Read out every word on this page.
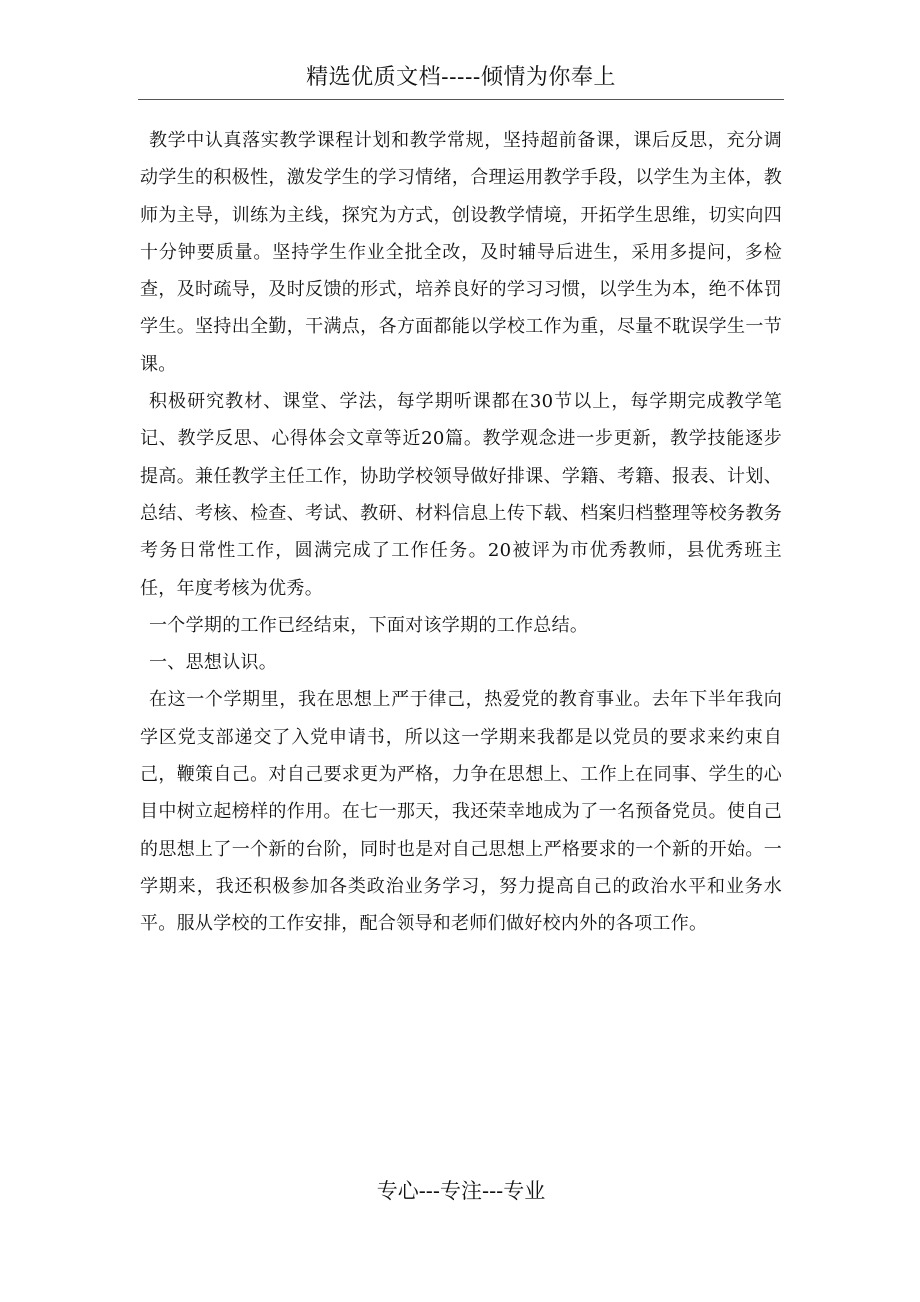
精选优质文档-----倾情为你奉上

教学中认真落实教学课程计划和教学常规，坚持超前备课，课后反思，充分调动学生的积极性，激发学生的学习情绪，合理运用教学手段，以学生为主体，教师为主导，训练为主线，探究为方式，创设教学情境，开拓学生思维，切实向四十分钟要质量。坚持学生作业全批全改，及时辅导后进生，采用多提问，多检查，及时疏导，及时反馈的形式，培养良好的学习习惯，以学生为本，绝不体罚学生。坚持出全勤，干满点，各方面都能以学校工作为重，尽量不耽误学生一节课。

积极研究教材、课堂、学法，每学期听课都在30节以上，每学期完成教学笔记、教学反思、心得体会文章等近20篇。教学观念进一步更新，教学技能逐步提高。兼任教学主任工作，协助学校领导做好排课、学籍、考籍、报表、计划、总结、考核、检查、考试、教研、材料信息上传下载、档案归档整理等校务教务考务日常性工作，圆满完成了工作任务。20被评为市优秀教师，县优秀班主任，年度考核为优秀。

一个学期的工作已经结束，下面对该学期的工作总结。

一、思想认识。

在这一个学期里，我在思想上严于律己，热爱党的教育事业。去年下半年我向学区党支部递交了入党申请书，所以这一学期来我都是以党员的要求来约束自己，鞭策自己。对自己要求更为严格，力争在思想上、工作上在同事、学生的心目中树立起榜样的作用。在七一那天，我还荣幸地成为了一名预备党员。使自己的思想上了一个新的台阶，同时也是对自己思想上严格要求的一个新的开始。一学期来，我还积极参加各类政治业务学习，努力提高自己的政治水平和业务水平。服从学校的工作安排，配合领导和老师们做好校内外的各项工作。

专心---专注---专业
